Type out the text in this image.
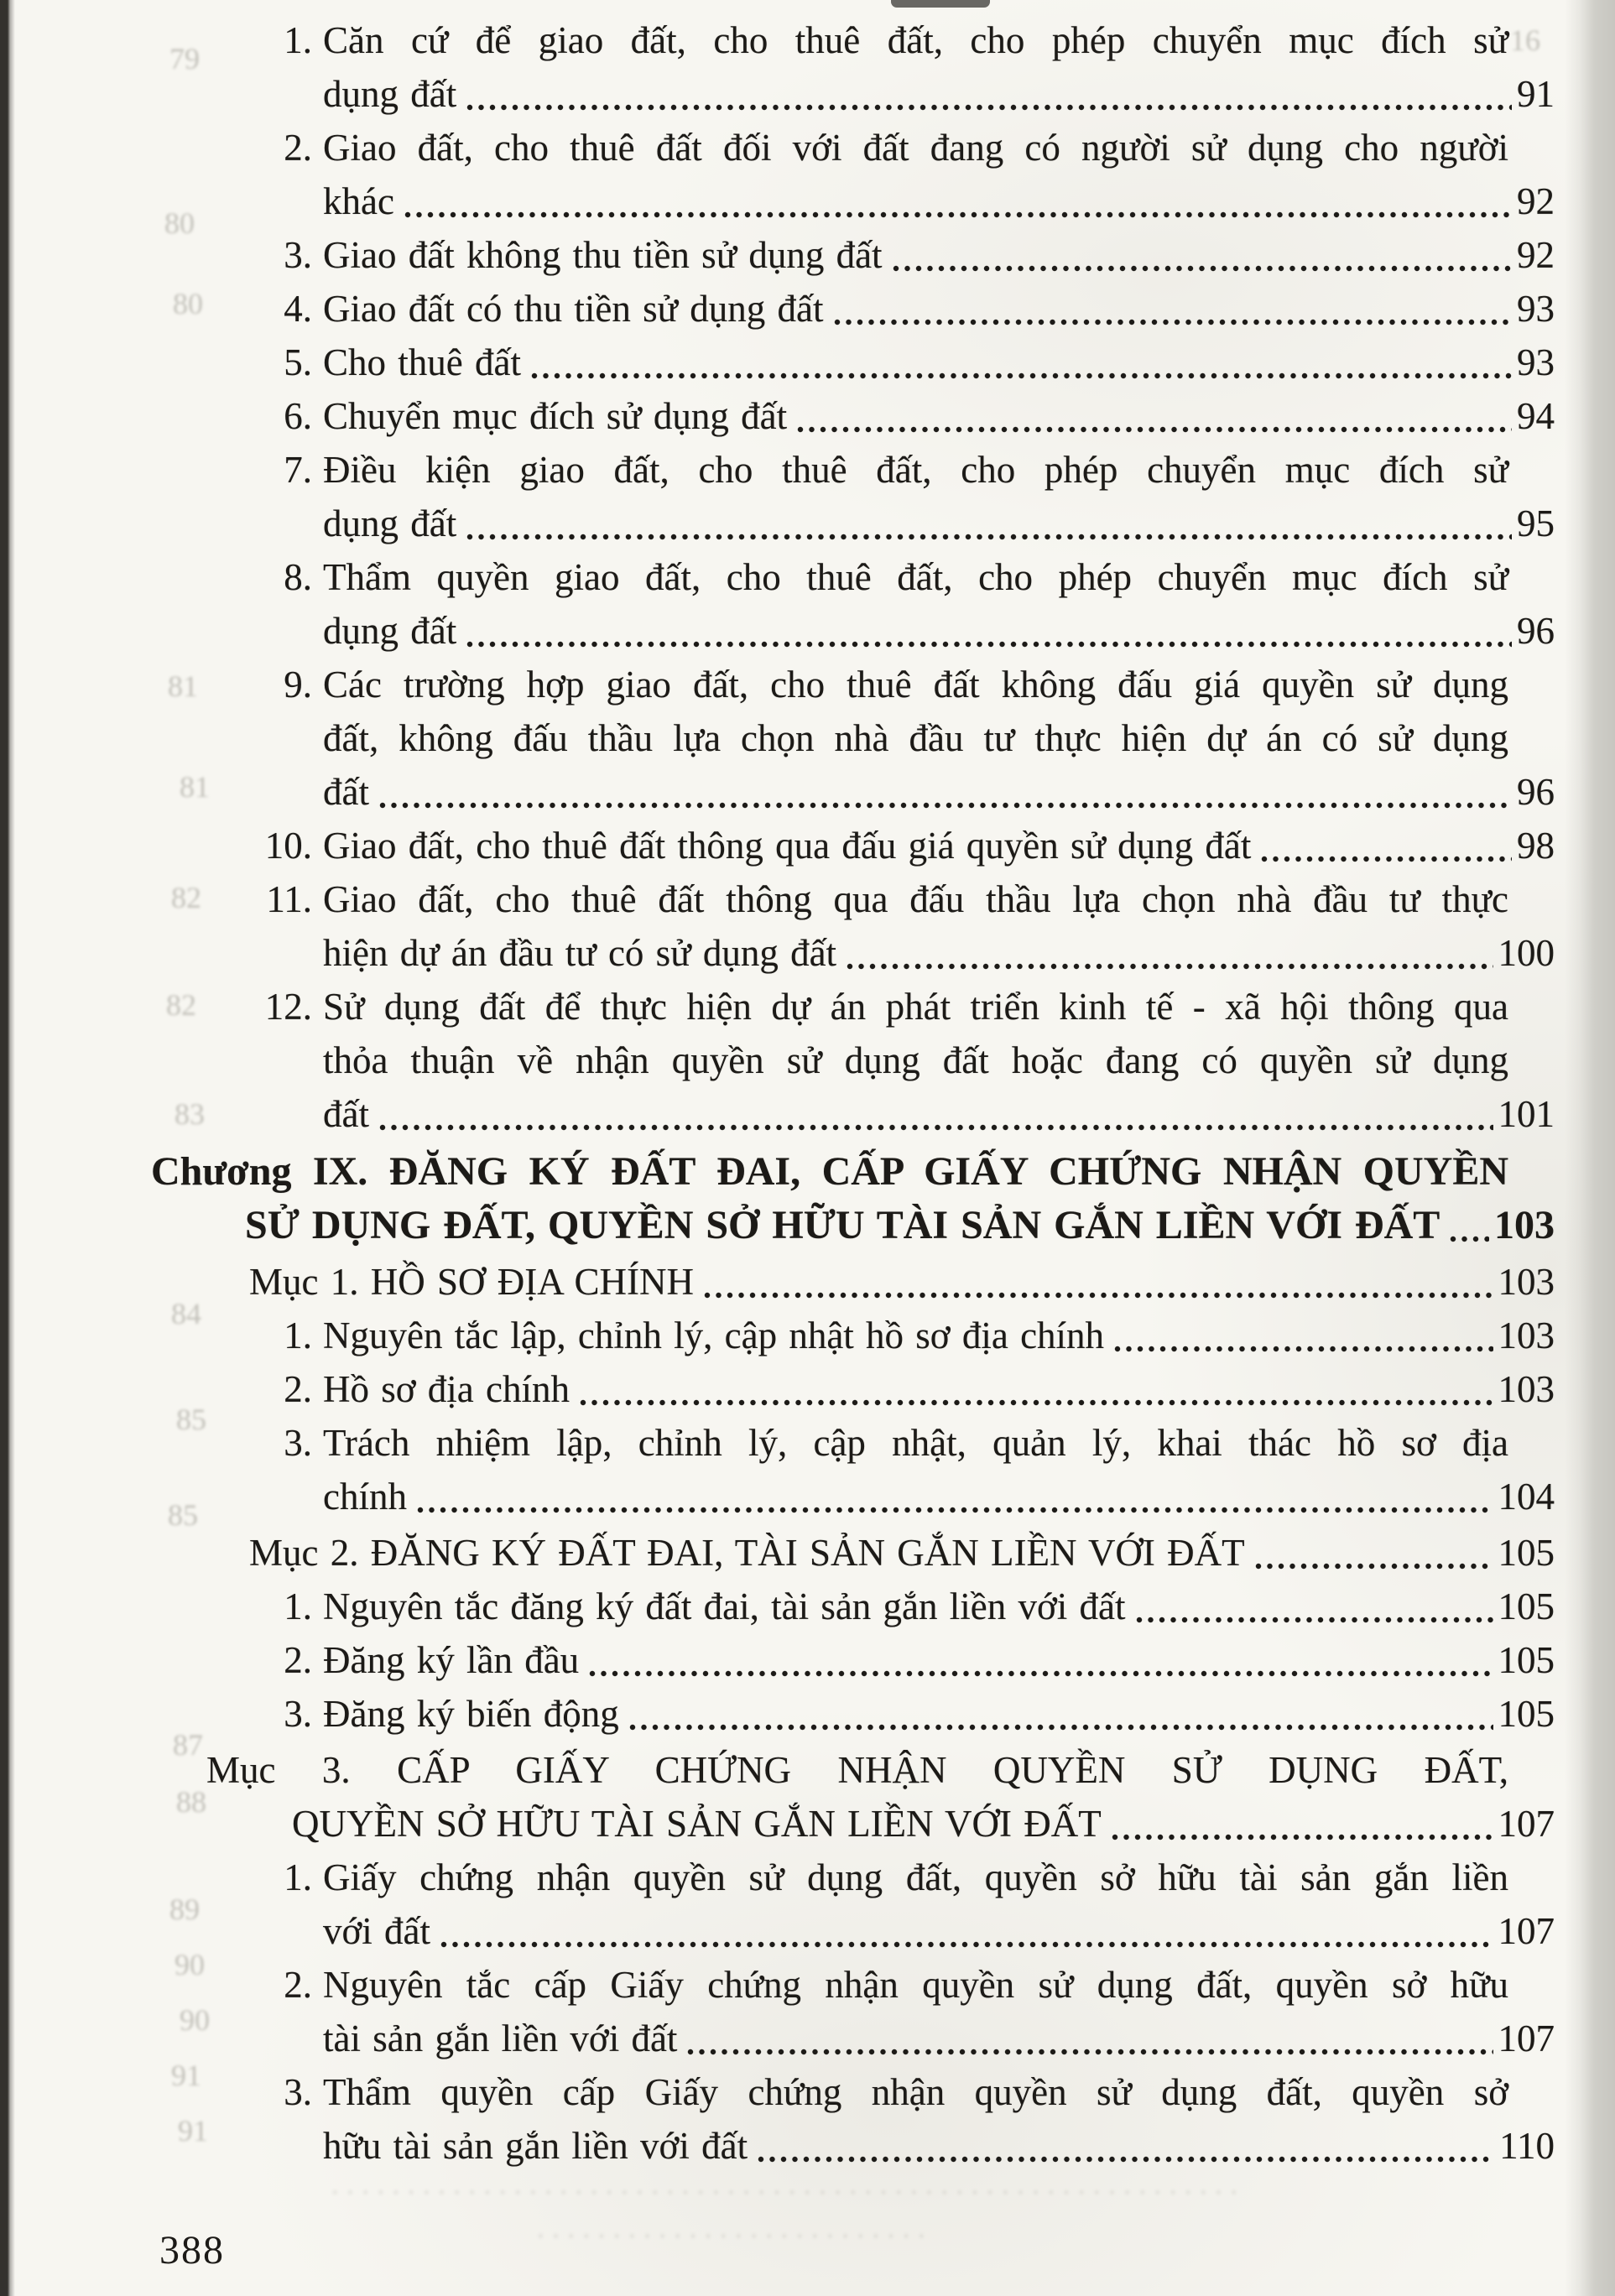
79
80
80
81
81
82
82
83
84
85
85
87
88
89
90
90
91
91
16
····························································
··························
1. Căn cứ để giao đất, cho thuê đất, cho phép chuyển mục đích sử
dụng đất	91
2. Giao đất, cho thuê đất đối với đất đang có người sử dụng cho người
khác	92
3. Giao đất không thu tiền sử dụng đất	92
4. Giao đất có thu tiền sử dụng đất	93
5. Cho thuê đất	93
6. Chuyển mục đích sử dụng đất	94
7. Điều kiện giao đất, cho thuê đất, cho phép chuyển mục đích sử
dụng đất	95
8. Thẩm quyền giao đất, cho thuê đất, cho phép chuyển mục đích sử
dụng đất	96
9. Các trường hợp giao đất, cho thuê đất không đấu giá quyền sử dụng
đất, không đấu thầu lựa chọn nhà đầu tư thực hiện dự án có sử dụng
đất	96
10. Giao đất, cho thuê đất thông qua đấu giá quyền sử dụng đất	98
11. Giao đất, cho thuê đất thông qua đấu thầu lựa chọn nhà đầu tư thực
hiện dự án đầu tư có sử dụng đất	100
12. Sử dụng đất để thực hiện dự án phát triển kinh tế - xã hội thông qua
thỏa thuận về nhận quyền sử dụng đất hoặc đang có quyền sử dụng
đất	101
Chương IX. ĐĂNG KÝ ĐẤT ĐAI, CẤP GIẤY CHỨNG NHẬN QUYỀN
SỬ DỤNG ĐẤT, QUYỀN SỞ HỮU TÀI SẢN GẮN LIỀN VỚI ĐẤT 103
Mục 1. HỒ SƠ ĐỊA CHÍNH	103
1. Nguyên tắc lập, chỉnh lý, cập nhật hồ sơ địa chính	103
2. Hồ sơ địa chính	103
3. Trách nhiệm lập, chỉnh lý, cập nhật, quản lý, khai thác hồ sơ địa
chính	104
Mục 2. ĐĂNG KÝ ĐẤT ĐAI, TÀI SẢN GẮN LIỀN VỚI ĐẤT	105
1. Nguyên tắc đăng ký đất đai, tài sản gắn liền với đất	105
2. Đăng ký lần đầu	105
3. Đăng ký biến động	105
Mục 3. CẤP GIẤY CHỨNG NHẬN QUYỀN SỬ DỤNG ĐẤT,
QUYỀN SỞ HỮU TÀI SẢN GẮN LIỀN VỚI ĐẤT	107
1. Giấy chứng nhận quyền sử dụng đất, quyền sở hữu tài sản gắn liền
với đất	107
2. Nguyên tắc cấp Giấy chứng nhận quyền sử dụng đất, quyền sở hữu
tài sản gắn liền với đất	107
3. Thẩm quyền cấp Giấy chứng nhận quyền sử dụng đất, quyền sở
hữu tài sản gắn liền với đất	110
388
